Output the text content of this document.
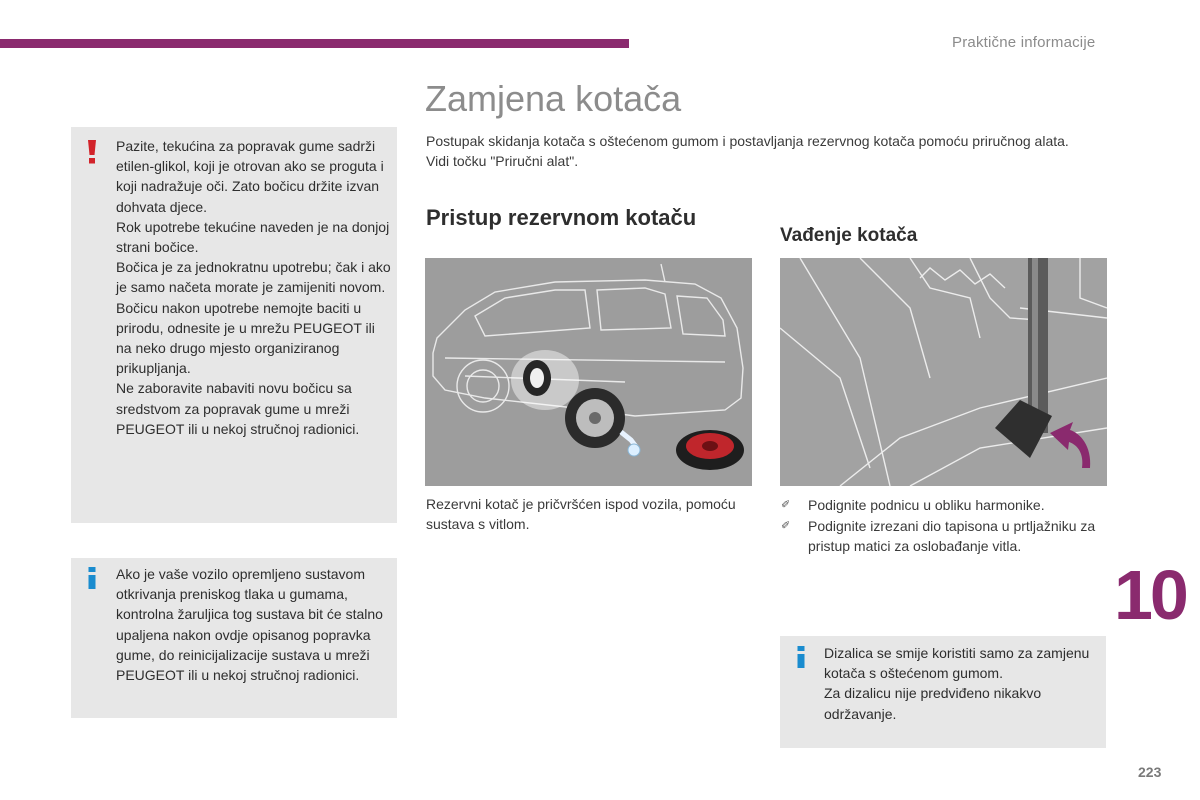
Praktične informacije
Zamjena kotača

Postupak skidanja kotača s oštećenom gumom i postavljanja rezervnog kotača pomoću priručnog alata.

Vidi točku "Priručni alat".

Pazite, tekućina za popravak gume sadrži etilen-glikol, koji je otrovan ako se proguta i koji nadražuje oči. Zato bočicu držite izvan dohvata djece.

Rok upotrebe tekućine naveden je na donjoj strani bočice.

Bočica je za jednokratnu upotrebu; čak i ako je samo načeta morate je zamijeniti novom.

Bočicu nakon upotrebe nemojte baciti u prirodu, odnesite je u mrežu PEUGEOT ili na neko drugo mjesto organiziranog prikupljanja.

Ne zaboravite nabaviti novu bočicu sa sredstvom za popravak gume u mreži PEUGEOT ili u nekoj stručnoj radionici.

Ako je vaše vozilo opremljeno sustavom otkrivanja preniskog tlaka u gumama, kontrolna žaruljica tog sustava bit će stalno upaljena nakon ovdje opisanog popravka gume, do reinicijalizacije sustava u mreži PEUGEOT ili u nekoj stručnoj radionici.
Pristup rezervnom kotaču
Rezervni kotač je pričvršćen ispod vozila, pomoću sustava s vitlom.
Vađenje kotača
✐	Podignite podnicu u obliku harmonike.
✐	Podignite izrezani dio tapisona u prtljažniku za pristup matici za oslobađanje vitla.

Dizalica se smije koristiti samo za zamjenu kotača s oštećenom gumom.

Za dizalicu nije predviđeno nikakvo održavanje.

10
223
